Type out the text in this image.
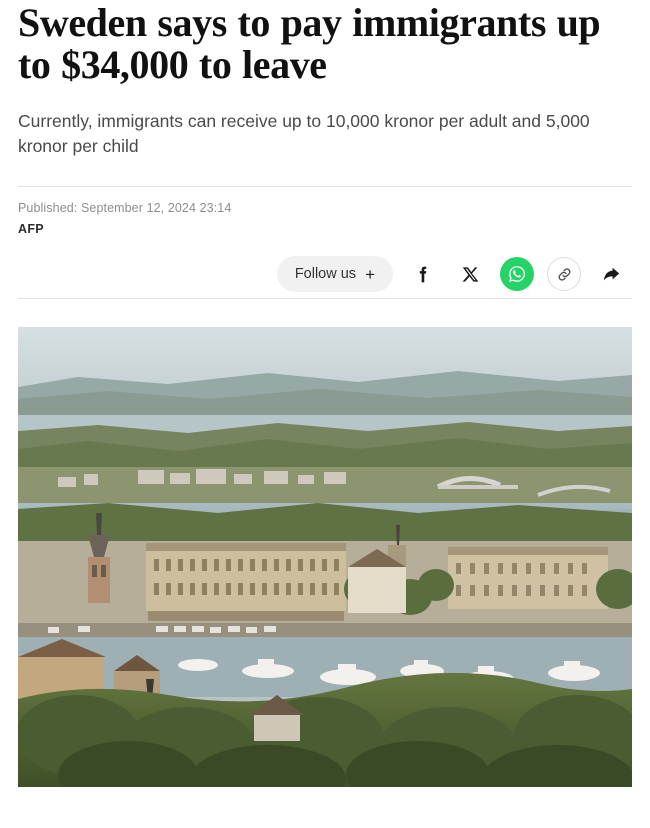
Sweden says to pay immigrants up to $34,000 to leave

Currently, immigrants can receive up to 10,000 kronor per adult and 5,000 kronor per child

Published: September 12, 2024 23:14
AFP
Follow us +
